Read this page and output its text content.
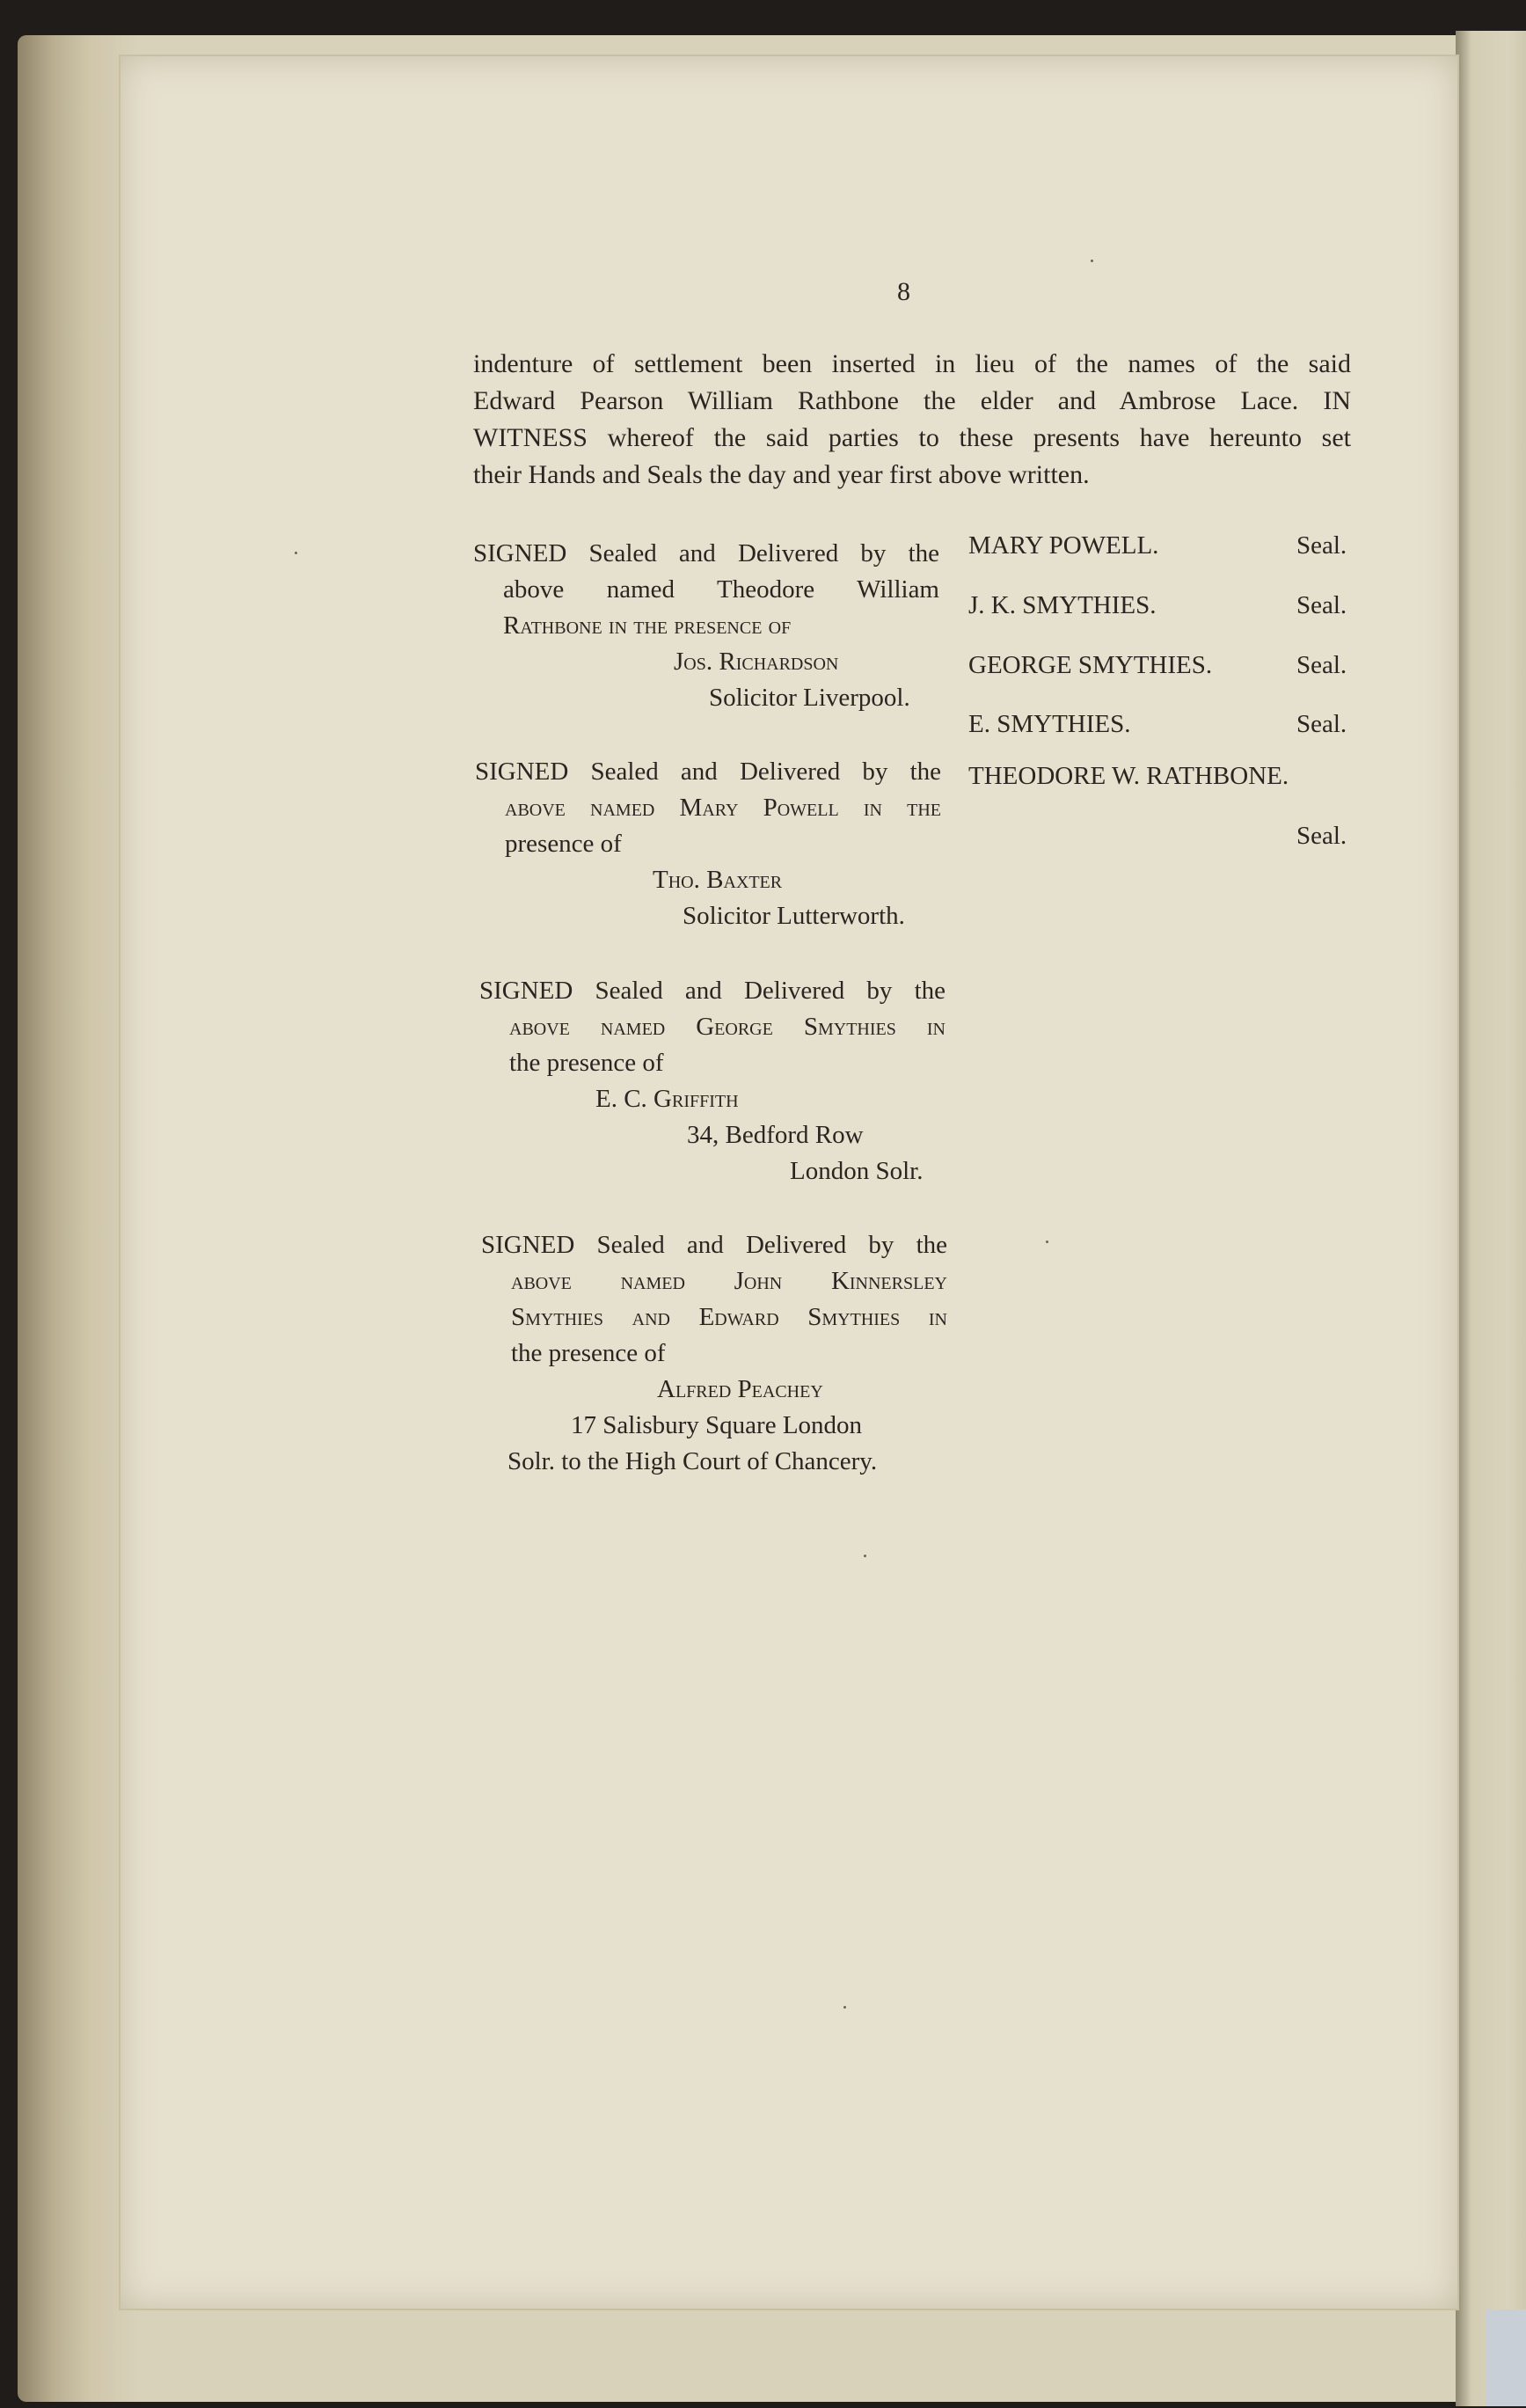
8
indenture of settlement been inserted in lieu of the names of the said
Edward Pearson William Rathbone the elder and Ambrose Lace. IN
WITNESS whereof the said parties to these presents have hereunto set
their Hands and Seals the day and year first above written.
SIGNED Sealed and Delivered by the
above named Theodore William
Rathbone in the presence of
Jos. Richardson
Solicitor Liverpool.
SIGNED Sealed and Delivered by the
above named Mary Powell in the
presence of
Tho. Baxter
Solicitor Lutterworth.
SIGNED Sealed and Delivered by the
above named George Smythies in
the presence of
E. C. Griffith
34, Bedford Row
London Solr.
SIGNED Sealed and Delivered by the
above named John Kinnersley
Smythies and Edward Smythies in
the presence of
Alfred Peachey
17 Salisbury Square London
Solr. to the High Court of Chancery.
MARY POWELL.	Seal.
J. K. SMYTHIES.	Seal.
GEORGE SMYTHIES.	Seal.
E. SMYTHIES.	Seal.
THEODORE W. RATHBONE.
Seal.
